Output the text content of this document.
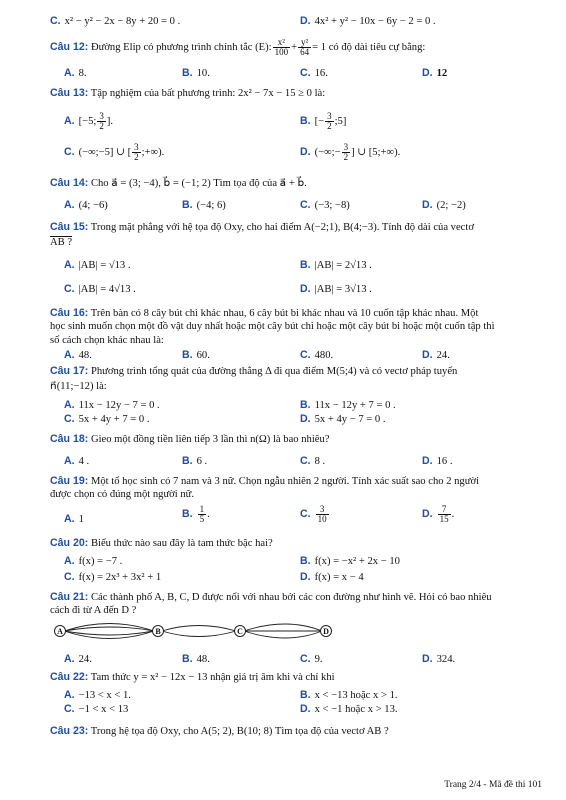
C. x² − y² − 2x − 8y + 20 = 0 .	D. 4x² + y² − 10x − 6y − 2 = 0 .
Câu 12: Đường Elip có phương trình chính tắc (E): $\frac{\text{x²}}{100} + \frac{\text{y²}}{64} = 1$ có độ dài tiêu cự bằng:
A. 8.	B. 10.	C. 16.	D. 12
Câu 13: Tập nghiệm của bất phương trình: 2x² − 7x − 15 ≥ 0 là:
A. [−5; $\frac{3}{2}$ ].	B. [− $\frac{3}{2}$ ;5]
C. (−∞;−5] ∪ [ $\frac{3}{2}$ ;+∞).	D. (−∞;− $\frac{3}{2}$ ] ∪ [5;+∞).
Câu 14: Cho a⃗ = (3; −4), b⃗ = (−1; 2) Tìm tọa độ của a⃗ + b⃗.
A. (4; −6)	B. (−4; 6)	C. (−3; −8)	D. (2; −2)
Câu 15: Trong mặt phẳng với hệ tọa độ Oxy, cho hai điểm A(−2;1), B(4;−3). Tính độ dài của vectơ
AB ?
A. |AB| = √13 .	B. |AB| = 2√13 .
C. |AB| = 4√13 .	D. |AB| = 3√13 .
Câu 16: Trên bàn có 8 cây bút chì khác nhau, 6 cây bút bi khác nhau và 10 cuốn tập khác nhau. Một
học sinh muốn chọn một đồ vật duy nhất hoặc một cây bút chì hoặc một cây bút bi hoặc một cuốn tập thì
số cách chọn khác nhau là:
A. 48.	B. 60.	C. 480.	D. 24.
Câu 17: Phương trình tổng quát của đường thẳng Δ đi qua điểm M(5;4) và có vectơ pháp tuyến
n⃗(11;−12) là:
A. 11x − 12y − 7 = 0 .	B. 11x − 12y + 7 = 0 .
C. 5x + 4y + 7 = 0 .	D. 5x + 4y − 7 = 0 .
Câu 18: Gieo một đồng tiền liên tiếp 3 lần thì n(Ω) là bao nhiêu?
A. 4 .	B. 6 .	C. 8 .	D. 16 .
Câu 19: Một tổ học sinh có 7 nam và 3 nữ. Chọn ngẫu nhiên 2 người. Tính xác suất sao cho 2 người
được chọn có đúng một người nữ.
A. 1	B. $\frac{1}{5}$ .	C. $\frac{3}{10}$	D. $\frac{7}{15}$ .
Câu 20: Biểu thức nào sau đây là tam thức bậc hai?
A. f(x) = −7 .	B. f(x) = −x² + 2x − 10
C. f(x) = 2x³ + 3x² + 1	D. f(x) = x − 4
Câu 21: Các thành phố A, B, C, D được nối với nhau bởi các con đường như hình vẽ. Hỏi có bao nhiêu
cách đi từ A đến D ?
A	B	C	D
A. 24.	B. 48.	C. 9.	D. 324.
Câu 22: Tam thức y = x² − 12x − 13 nhận giá trị âm khi và chỉ khi
A. −13 < x < 1.	B. x < −13 hoặc x > 1.
C. −1 < x < 13	D. x < −1 hoặc x > 13.
Câu 23: Trong hệ tọa độ Oxy, cho A(5; 2), B(10; 8) Tìm tọa độ của vectơ AB ?
Trang 2/4 - Mã đề thi 101
